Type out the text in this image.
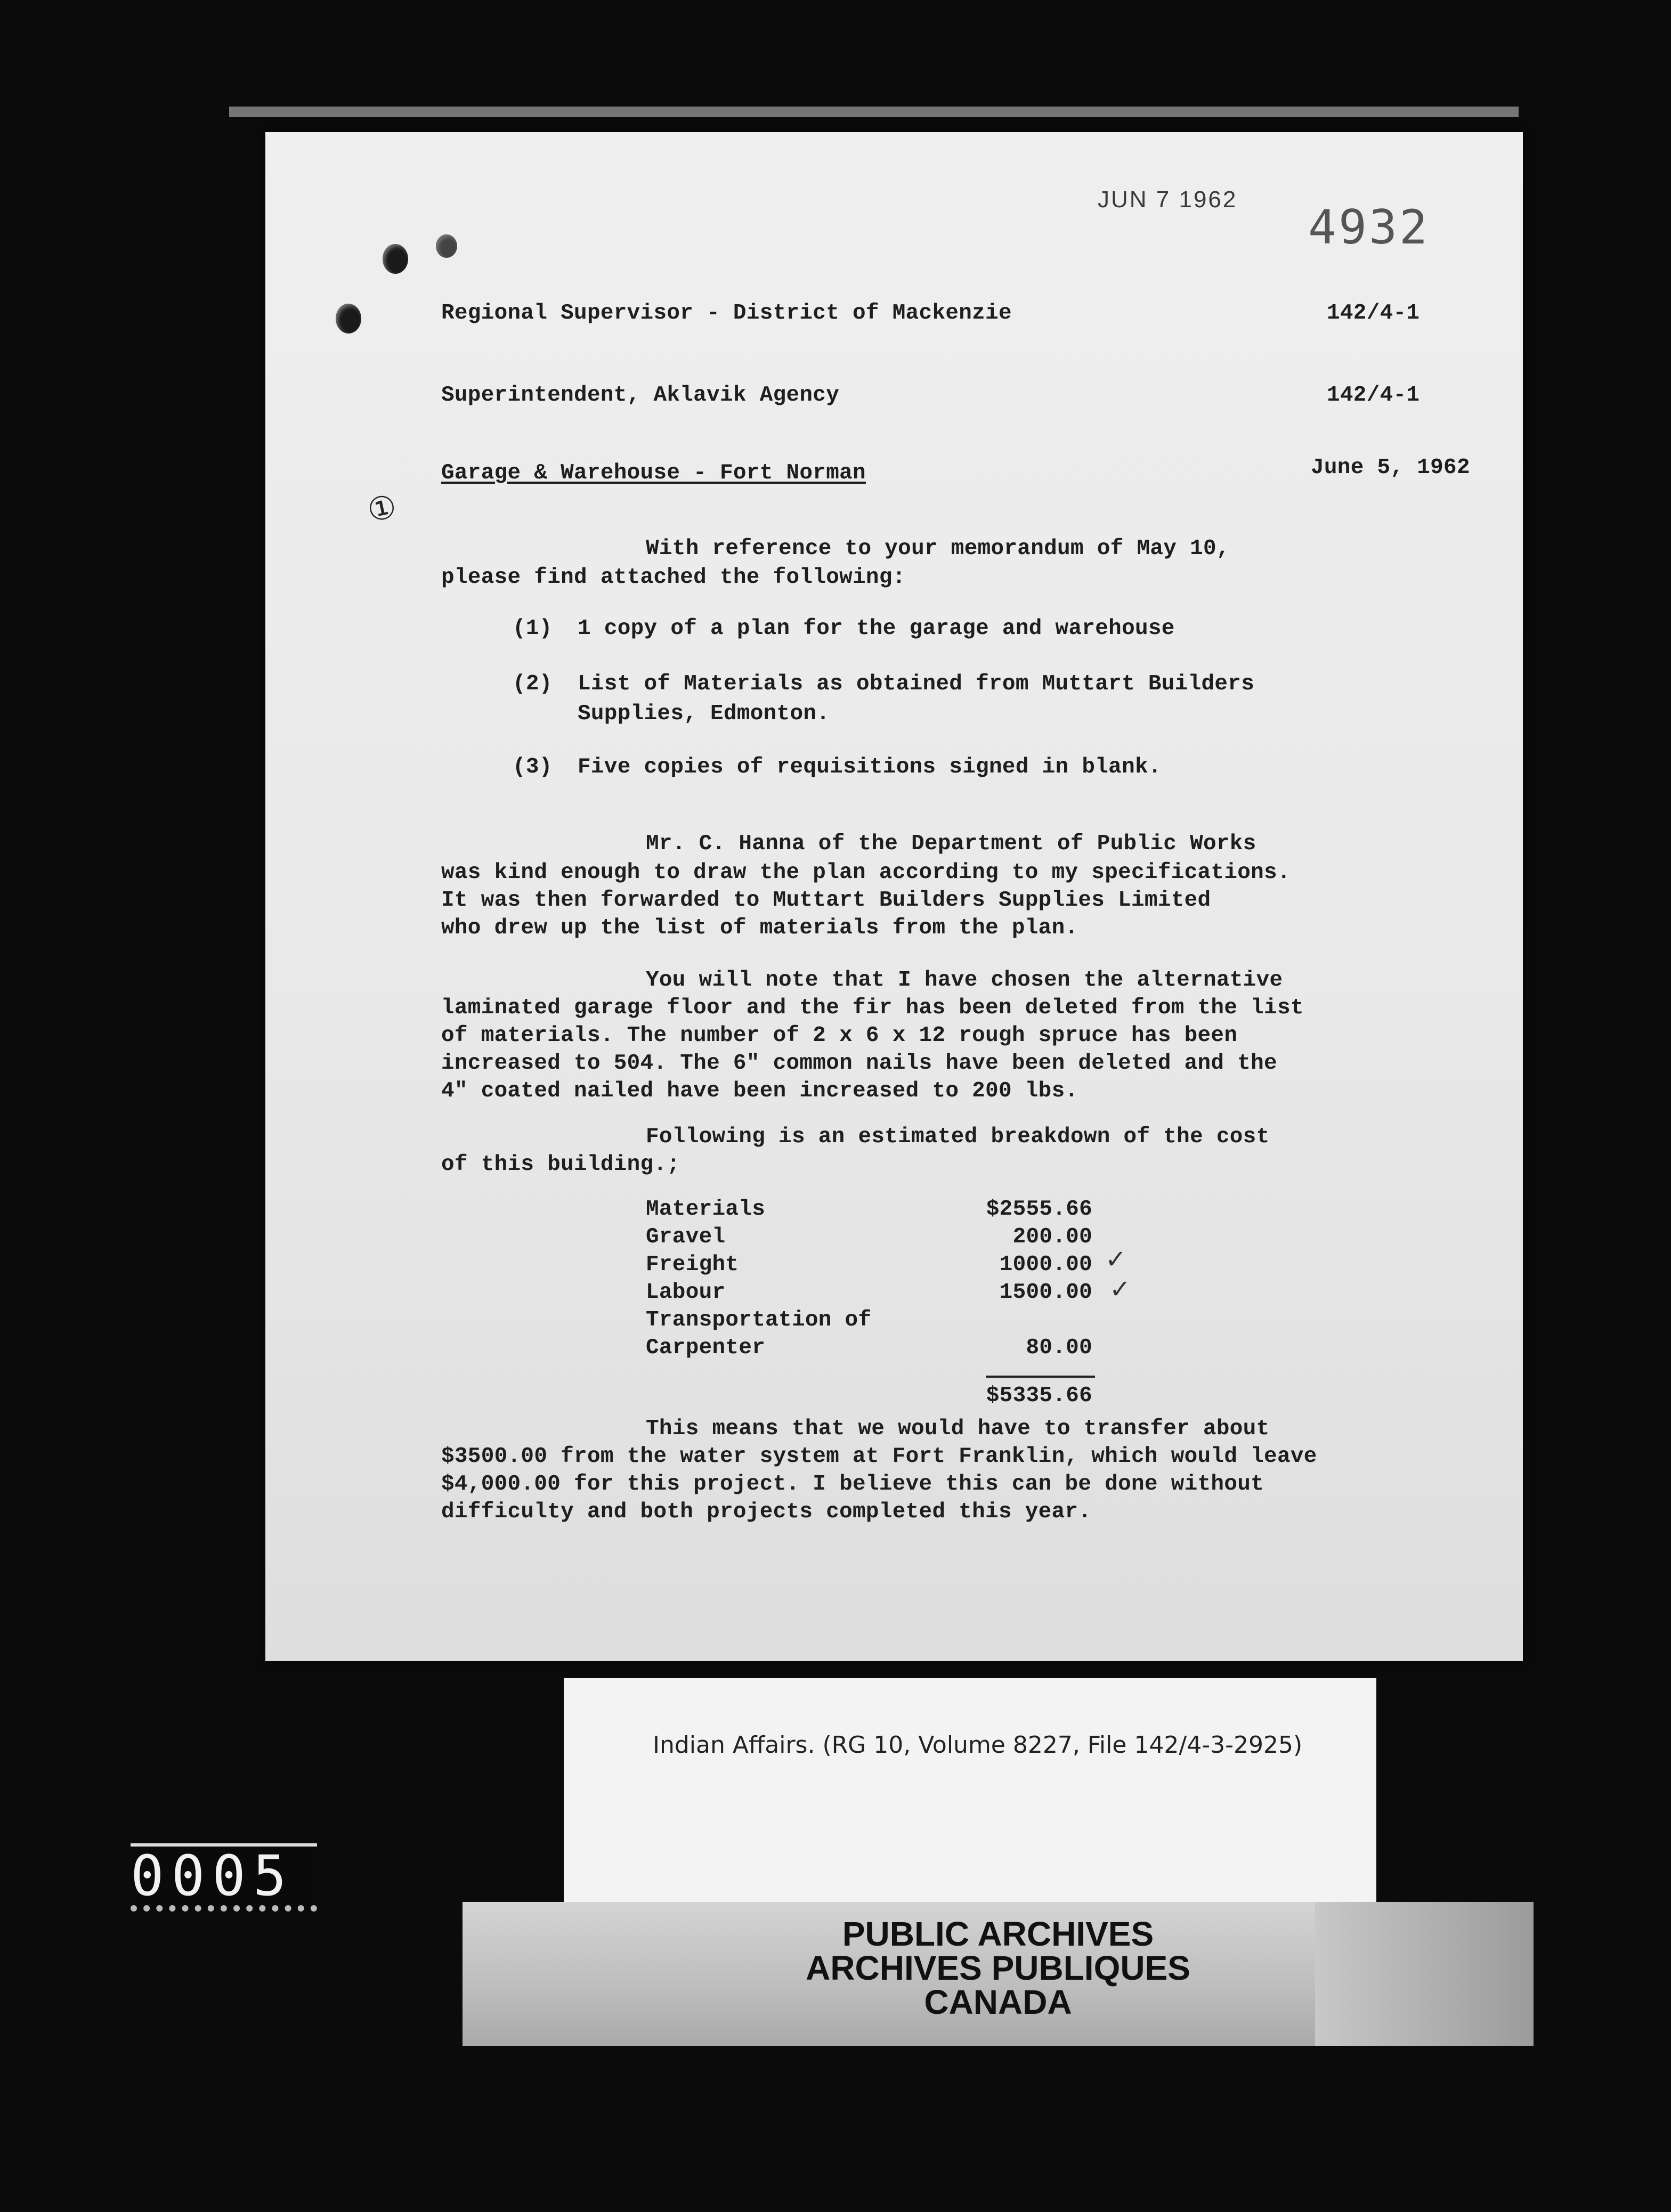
JUN 7 1962
4932
Regional Supervisor - District of Mackenzie	142/4-1
Superintendent, Aklavik Agency	142/4-1
Garage & Warehouse - Fort Norman	June 5, 1962
①
With reference to your memorandum of May 10,
please find attached the following:
(1) 1 copy of a plan for the garage and warehouse
(2) List of Materials as obtained from Muttart Builders
Supplies, Edmonton.
(3) Five copies of requisitions signed in blank.
Mr. C. Hanna of the Department of Public Works
was kind enough to draw the plan according to my specifications.
It was then forwarded to Muttart Builders Supplies Limited
who drew up the list of materials from the plan.
You will note that I have chosen the alternative
laminated garage floor and the fir has been deleted from the list
of materials. The number of 2 x 6 x 12 rough spruce has been
increased to 504. The 6" common nails have been deleted and the
4" coated nailed have been increased to 200 lbs.
Following is an estimated breakdown of the cost
of this building.;
Materials	$2555.66
Gravel	200.00
Freight	1000.00
Labour	1500.00
Transportation of
Carpenter	80.00
$5335.66
✓
✓
This means that we would have to transfer about
$3500.00 from the water system at Fort Franklin, which would leave
$4,000.00 for this project. I believe this can be done without
difficulty and both projects completed this year.
Indian Affairs. (RG 10, Volume 8227, File 142/4-3-2925)
PUBLIC ARCHIVES
ARCHIVES PUBLIQUES
CANADA
0005
